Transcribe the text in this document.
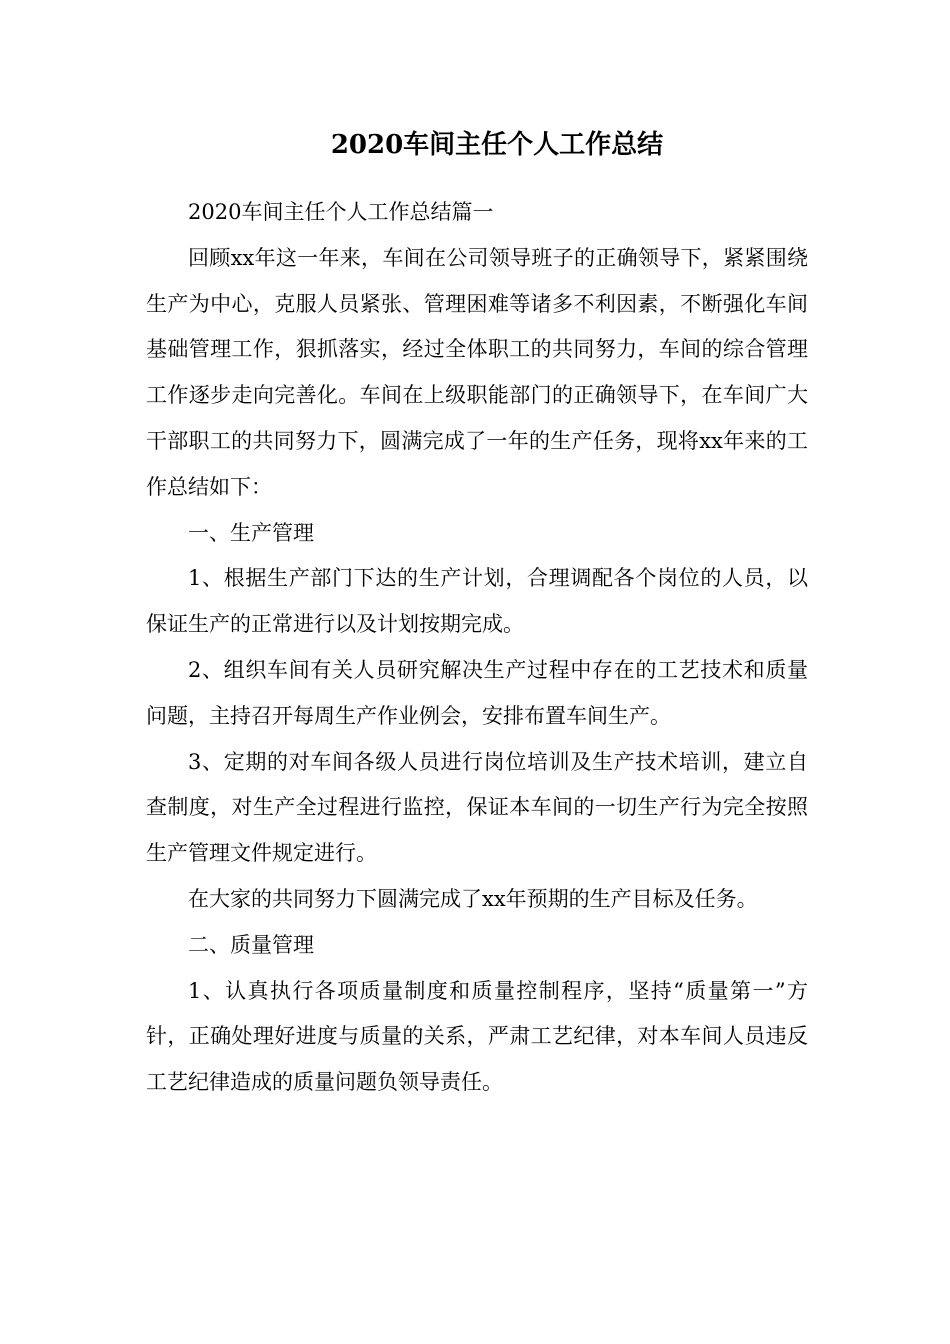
2020车间主任个人工作总结

2020车间主任个人工作总结篇一

回顾xx年这一年来，车间在公司领导班子的正确领导下，紧紧围绕生产为中心，克服人员紧张、管理困难等诸多不利因素，不断强化车间基础管理工作，狠抓落实，经过全体职工的共同努力，车间的综合管理工作逐步走向完善化。车间在上级职能部门的正确领导下，在车间广大干部职工的共同努力下，圆满完成了一年的生产任务，现将xx年来的工作总结如下：

一、生产管理

1、根据生产部门下达的生产计划，合理调配各个岗位的人员，以保证生产的正常进行以及计划按期完成。

2、组织车间有关人员研究解决生产过程中存在的工艺技术和质量问题，主持召开每周生产作业例会，安排布置车间生产。

3、定期的对车间各级人员进行岗位培训及生产技术培训，建立自查制度，对生产全过程进行监控，保证本车间的一切生产行为完全按照生产管理文件规定进行。

在大家的共同努力下圆满完成了xx年预期的生产目标及任务。

二、质量管理

1、认真执行各项质量制度和质量控制程序，坚持“质量第一”方针，正确处理好进度与质量的关系，严肃工艺纪律，对本车间人员违反工艺纪律造成的质量问题负领导责任。
